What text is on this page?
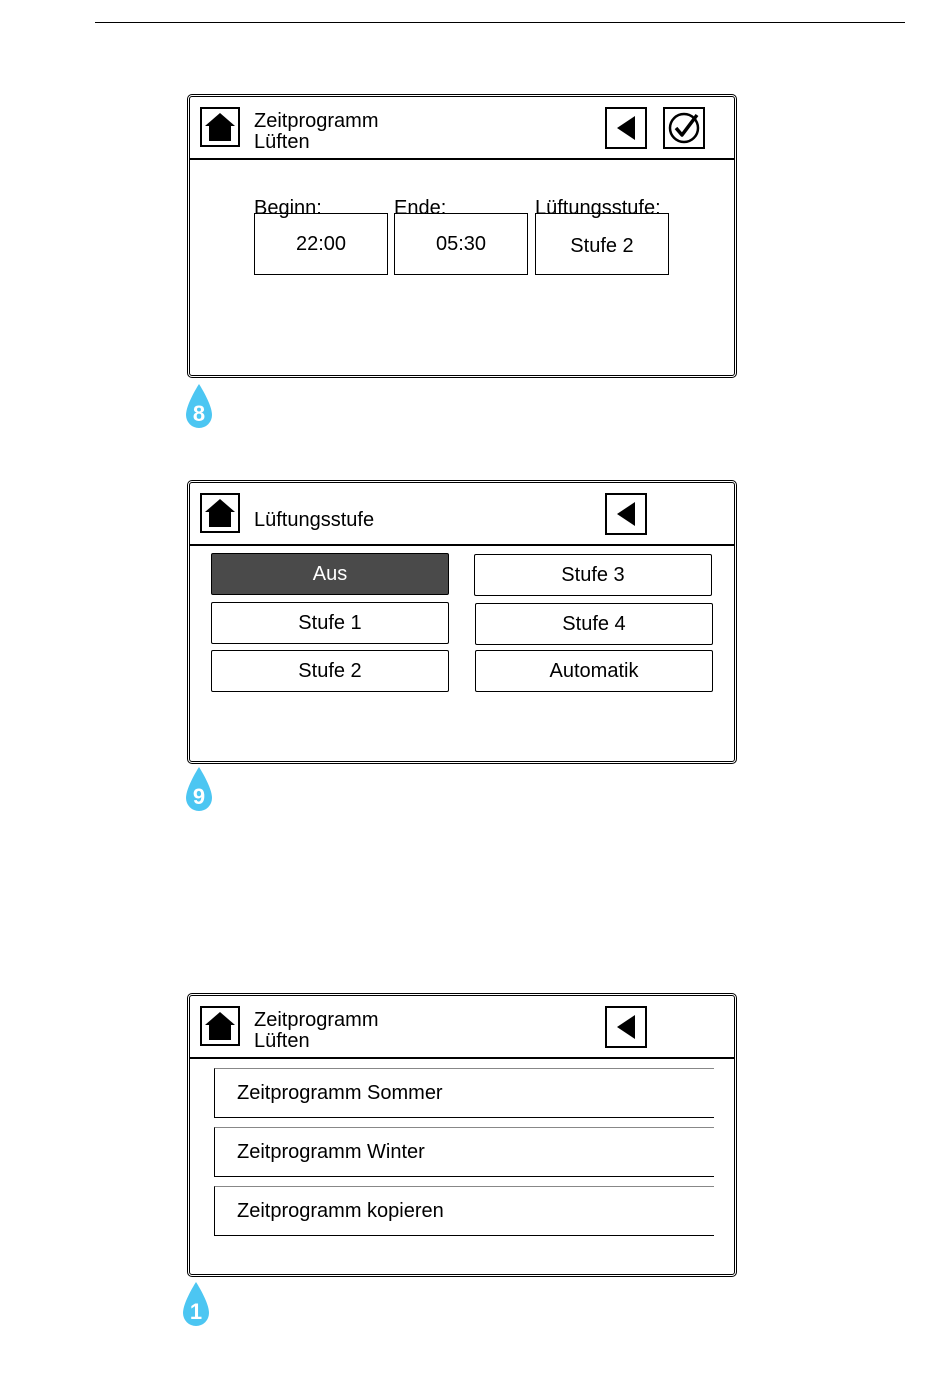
Zeitprogramm
Lüften
Beginn:	Ende:	Lüftungsstufe:
22:00	05:30	Stufe 2
8
Lüftungsstufe
Aus
Stufe 1
Stufe 2
Stufe 3
Stufe 4
Automatik
9
Zeitprogramm
Lüften
Zeitprogramm Sommer
Zeitprogramm Winter
Zeitprogramm kopieren
1
